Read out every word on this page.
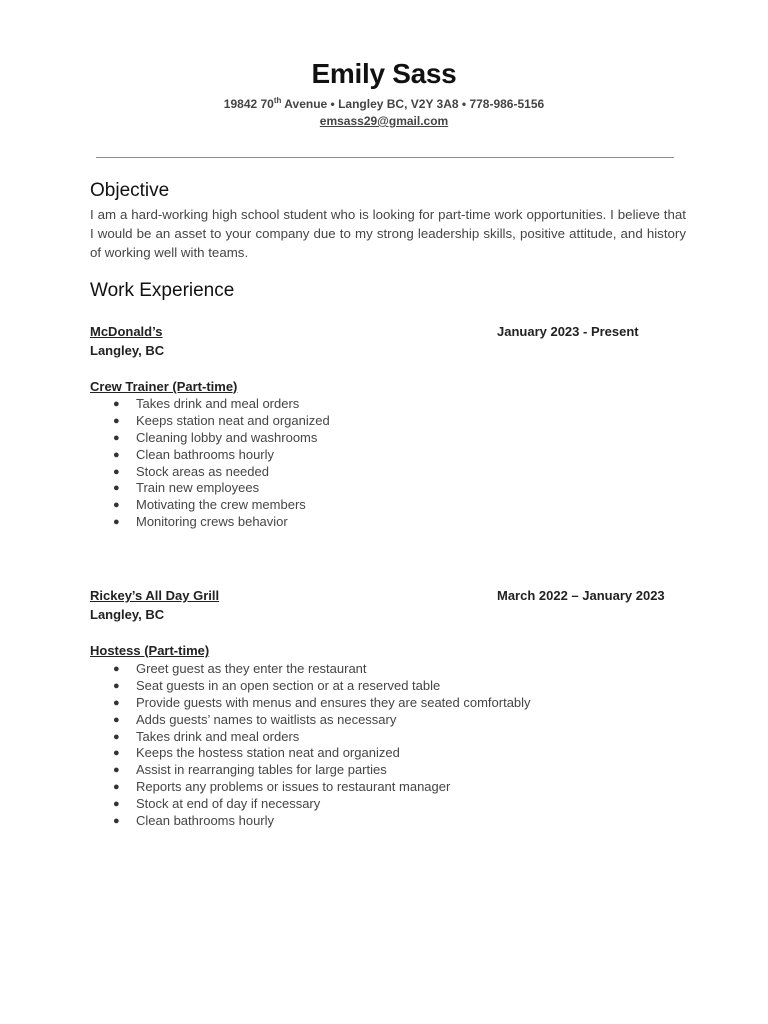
Emily Sass
19842 70th Avenue • Langley BC, V2Y 3A8 • 778-986-5156
emsass29@gmail.com
Objective
I am a hard-working high school student who is looking for part-time work opportunities. I believe that I would be an asset to your company due to my strong leadership skills, positive attitude, and history of working well with teams.
Work Experience
McDonald’s	January 2023 - Present
Langley, BC
Crew Trainer (Part-time)
● Takes drink and meal orders
● Keeps station neat and organized
● Cleaning lobby and washrooms
● Clean bathrooms hourly
● Stock areas as needed
● Train new employees
● Motivating the crew members
● Monitoring crews behavior
Rickey’s All Day Grill	March 2022 – January 2023
Langley, BC
Hostess (Part-time)
● Greet guest as they enter the restaurant
● Seat guests in an open section or at a reserved table
● Provide guests with menus and ensures they are seated comfortably
● Adds guests’ names to waitlists as necessary
● Takes drink and meal orders
● Keeps the hostess station neat and organized
● Assist in rearranging tables for large parties
● Reports any problems or issues to restaurant manager
● Stock at end of day if necessary
● Clean bathrooms hourly
